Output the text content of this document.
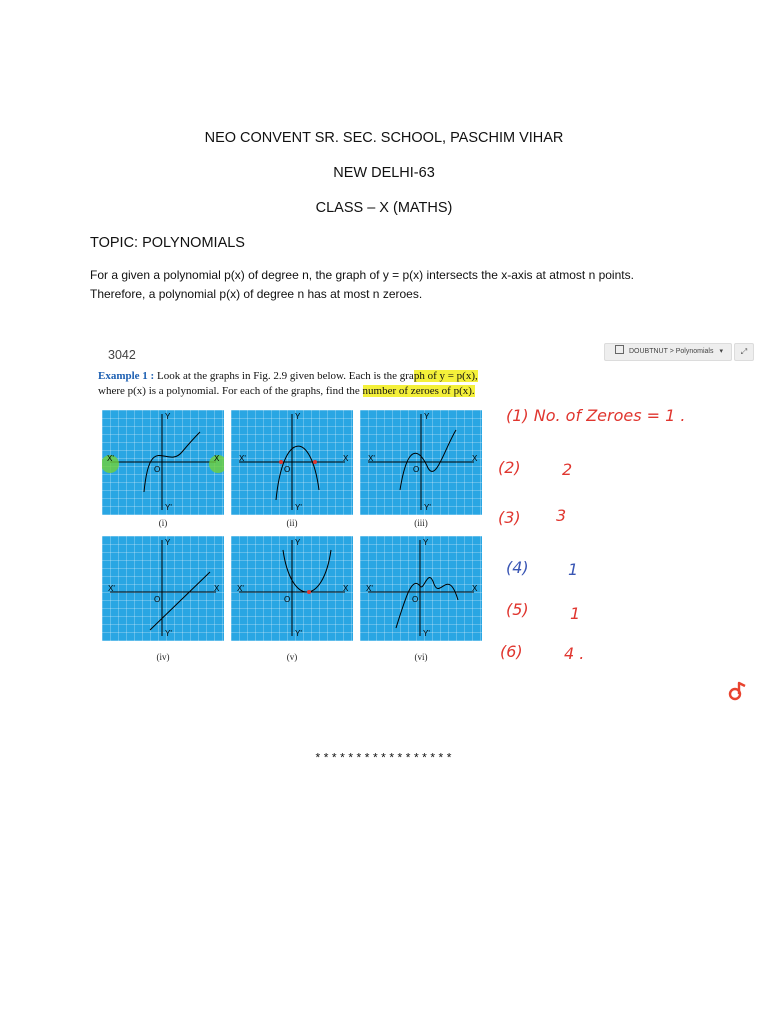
NEO CONVENT SR. SEC. SCHOOL, PASCHIM VIHAR
NEW DELHI-63
CLASS – X (MATHS)
TOPIC: POLYNOMIALS
For a given a polynomial p(x) of degree n, the graph of y = p(x) intersects the x-axis at atmost n points.
Therefore, a polynomial p(x) of degree n has at most n zeroes.
3042	DOUBTNUT > Polynomials ▾	⤢
Example 1 : Look at the graphs in Fig. 2.9 given below. Each is the graph of y = p(x),
where p(x) is a polynomial. For each of the graphs, find the number of zeroes of p(x).
X'	X
Y
Y'
O
X'	X
Y
Y'
O
X'	X
Y
Y'
O
X'	X
Y
Y'
O
X'	X
Y
Y'
O
X'	X
Y
Y'
O
(i)	(ii)	(iii)
(iv)	(v)	(vi)
(1) No. of Zeroes = 1 .
(2)	2
(3) 3
(4) 1
(5)	1
(6)	4 .
*****************
